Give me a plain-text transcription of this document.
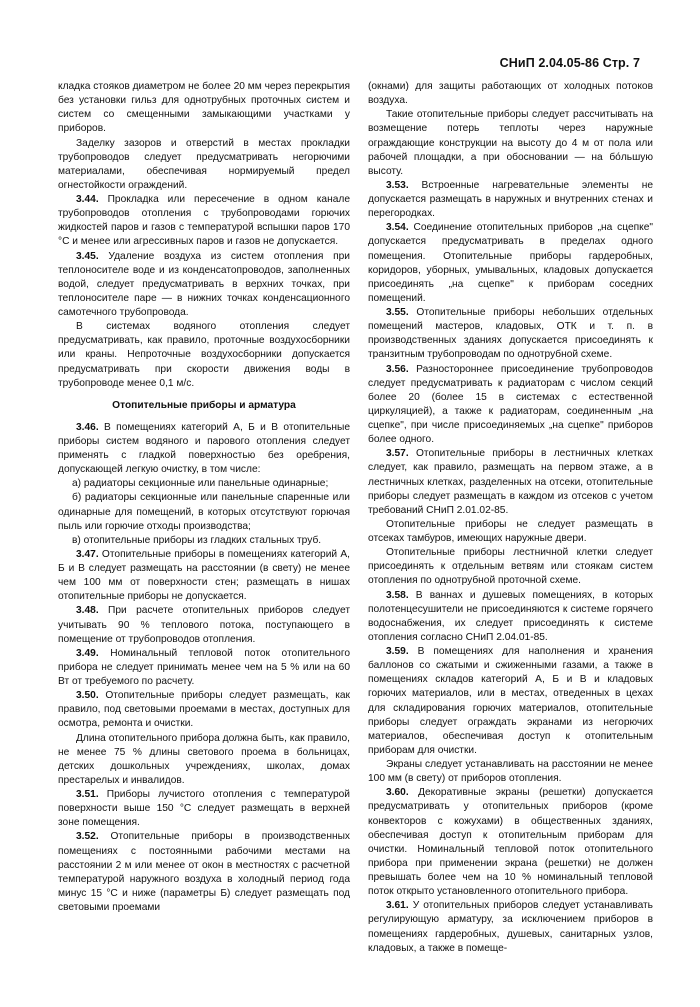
СНиП 2.04.05-86 Стр. 7

кладка стояков диаметром не более 20 мм через перекрытия без установки гильз для однотрубных проточных систем и систем со смещенными замыкающими участками у приборов.

Заделку зазоров и отверстий в местах прокладки трубопроводов следует предусматривать негорючими материалами, обеспечивая нормируемый предел огнестойкости ограждений.

3.44. Прокладка или пересечение в одном канале трубопроводов отопления с трубопроводами горючих жидкостей паров и газов с температурой вспышки паров 170 °С и менее или агрессивных паров и газов не допускается.

3.45. Удаление воздуха из систем отопления при теплоносителе воде и из конденсатопроводов, заполненных водой, следует предусматривать в верхних точках, при теплоносителе паре — в нижних точках конденсационного самотечного трубопровода.

В системах водяного отопления следует предусматривать, как правило, проточные воздухосборники или краны. Непроточные воздухосборники допускается предусматривать при скорости движения воды в трубопроводе менее 0,1 м/с.

Отопительные приборы и арматура

3.46. В помещениях категорий А, Б и В отопительные приборы систем водяного и парового отопления следует применять с гладкой поверхностью без оребрения, допускающей легкую очистку, в том числе:

а) радиаторы секционные или панельные одинарные;

б) радиаторы секционные или панельные спаренные или одинарные для помещений, в которых отсутствуют горючая пыль или горючие отходы производства;

в) отопительные приборы из гладких стальных труб.

3.47. Отопительные приборы в помещениях категорий А, Б и В следует размещать на расстоянии (в свету) не менее чем 100 мм от поверхности стен; размещать в нишах отопительные приборы не допускается.

3.48. При расчете отопительных приборов следует учитывать 90 % теплового потока, поступающего в помещение от трубопроводов отопления.

3.49. Номинальный тепловой поток отопительного прибора не следует принимать менее чем на 5 % или на 60 Вт от требуемого по расчету.

3.50. Отопительные приборы следует размещать, как правило, под световыми проемами в местах, доступных для осмотра, ремонта и очистки.

Длина отопительного прибора должна быть, как правило, не менее 75 % длины светового проема в больницах, детских дошкольных учреждениях, школах, домах престарелых и инвалидов.

3.51. Приборы лучистого отопления с температурой поверхности выше 150 °С следует размещать в верхней зоне помещения.

3.52. Отопительные приборы в производственных помещениях с постоянными рабочими местами на расстоянии 2 м или менее от окон в местностях с расчетной температурой наружного воздуха в холодный период года минус 15 °С и ниже (параметры Б) следует размещать под световыми проемами

(окнами) для защиты работающих от холодных потоков воздуха.

Такие отопительные приборы следует рассчитывать на возмещение потерь теплоты через наружные ограждающие конструкции на высоту до 4 м от пола или рабочей площадки, а при обосновании — на бо́льшую высоту.

3.53. Встроенные нагревательные элементы не допускается размещать в наружных и внутренних стенах и перегородках.

3.54. Соединение отопительных приборов „на сцепке" допускается предусматривать в пределах одного помещения. Отопительные приборы гардеробных, коридоров, уборных, умывальных, кладовых допускается присоединять „на сцепке" к приборам соседних помещений.

3.55. Отопительные приборы небольших отдельных помещений мастеров, кладовых, ОТК и т. п. в производственных зданиях допускается присоединять к транзитным трубопроводам по однотрубной схеме.

3.56. Разностороннее присоединение трубопроводов следует предусматривать к радиаторам с числом секций более 20 (более 15 в системах с естественной циркуляцией), а также к радиаторам, соединенным „на сцепке", при числе присоединяемых „на сцепке" приборов более одного.

3.57. Отопительные приборы в лестничных клетках следует, как правило, размещать на первом этаже, а в лестничных клетках, разделенных на отсеки, отопительные приборы следует размещать в каждом из отсеков с учетом требований СНиП 2.01.02-85.

Отопительные приборы не следует размещать в отсеках тамбуров, имеющих наружные двери.

Отопительные приборы лестничной клетки следует присоединять к отдельным ветвям или стоякам систем отопления по однотрубной проточной схеме.

3.58. В ваннах и душевых помещениях, в которых полотенцесушители не присоединяются к системе горячего водоснабжения, их следует присоединять к системе отопления согласно СНиП 2.04.01-85.

3.59. В помещениях для наполнения и хранения баллонов со сжатыми и сжиженными газами, а также в помещениях складов категорий А, Б и В и кладовых горючих материалов, или в местах, отведенных в цехах для складирования горючих материалов, отопительные приборы следует ограждать экранами из негорючих материалов, обеспечивая доступ к отопительным приборам для очистки.

Экраны следует устанавливать на расстоянии не менее 100 мм (в свету) от приборов отопления.

3.60. Декоративные экраны (решетки) допускается предусматривать у отопительных приборов (кроме конвекторов с кожухами) в общественных зданиях, обеспечивая доступ к отопительным приборам для очистки. Номинальный тепловой поток отопительного прибора при применении экрана (решетки) не должен превышать более чем на 10 % номинальный тепловой поток открыто установленного отопительного прибора.

3.61. У отопительных приборов следует устанавливать регулирующую арматуру, за исключением приборов в помещениях гардеробных, душевых, санитарных узлов, кладовых, а также в помеще-
